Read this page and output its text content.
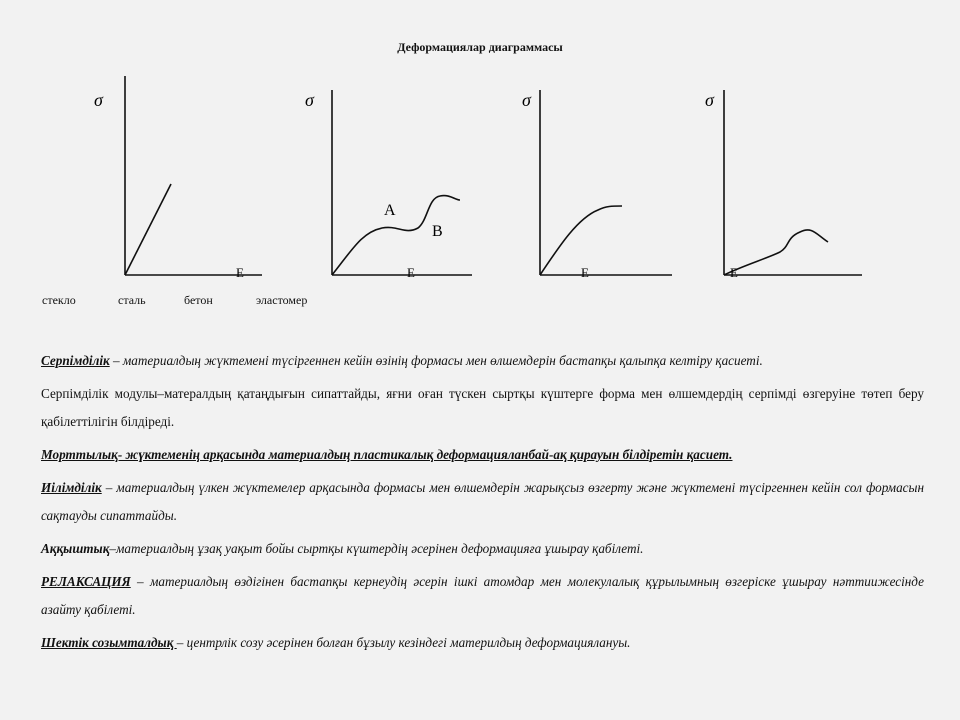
Деформациялар диаграммасы
σ	σ	σ	σ
E	E	E	E
A
B
стекло	сталь	бетон	эластомер

Серпімділік – материалдың жүктемені түсіргеннен кейін өзінің формасы мен өлшемдерін бастапқы қалыпқа келтіру қасиеті.

Серпімділік модулы–матералдың қатаңдығын сипаттайды, яғни оған түскен сыртқы күштерге форма мен өлшемдердің серпімді өзгеруіне төтеп беру қабілеттілігін білдіреді.

Морттылық- жүктеменің арқасында материалдың пластикалық деформацияланбай-ақ қирауын білдіретін қасиет.

Иілімділік – материалдың үлкен жүктемелер арқасында формасы мен өлшемдерін жарықсыз өзгерту және жүктемені түсіргеннен кейін сол формасын сақтауды сипаттайды.

Аққыштық–материалдың ұзақ уақыт бойы сыртқы күштердің әсерінен деформацияға ұшырау қабілеті.

РЕЛАКСАЦИЯ – материалдың өздігінен бастапқы кернеудің әсерін ішкі атомдар мен молекулалық құрылымның өзгеріске ұшырау нәттиижесінде азайту қабілеті.

Шектік созымталдық – центрлік созу әсерінен болған бұзылу кезіндегі материлдың деформациялануы.
